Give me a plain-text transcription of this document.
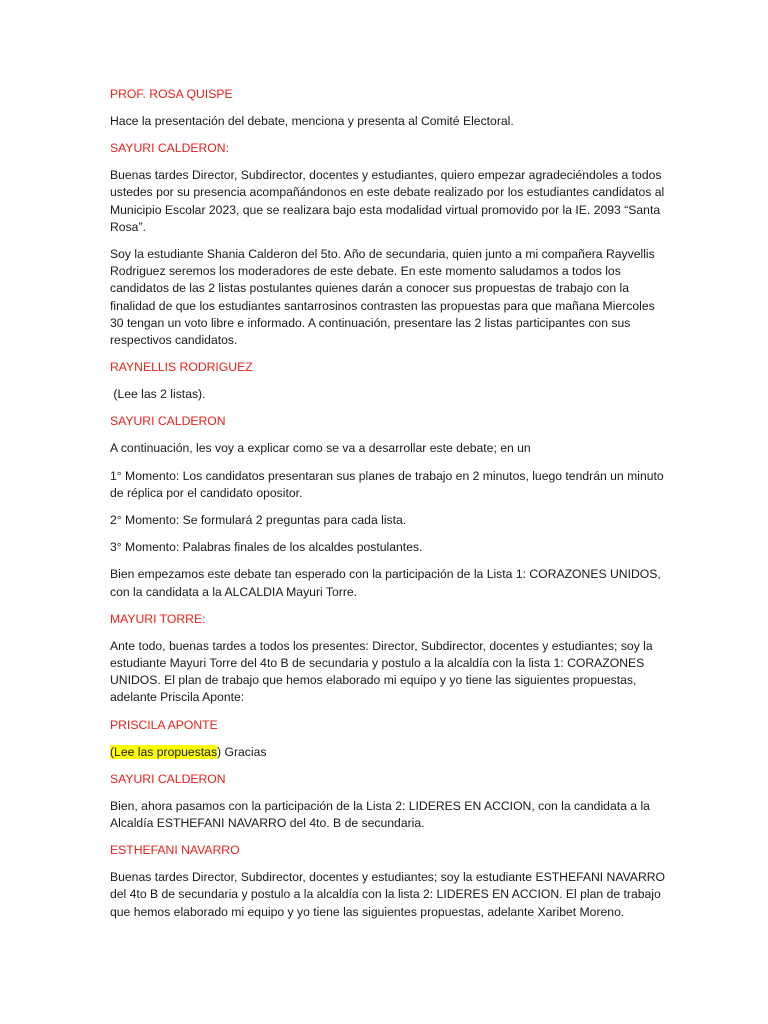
PROF. ROSA QUISPE

Hace la presentación del debate, menciona y presenta al Comité Electoral.

SAYURI CALDERON:

Buenas tardes Director, Subdirector, docentes y estudiantes, quiero empezar agradeciéndoles a todos ustedes por su presencia acompañándonos en este debate realizado por los estudiantes candidatos al Municipio Escolar 2023, que se realizara bajo esta modalidad virtual promovido por la IE. 2093 “Santa Rosa”.

Soy la estudiante Shania Calderon del 5to. Año de secundaria, quien junto a mi compañera Rayvellis Rodriguez seremos los moderadores de este debate. En este momento saludamos a todos los candidatos de las 2 listas postulantes quienes darán a conocer sus propuestas de trabajo con la finalidad de que los estudiantes santarrosinos contrasten las propuestas para que mañana Miercoles 30 tengan un voto libre e informado. A continuación, presentare las 2 listas participantes con sus respectivos candidatos.

RAYNELLIS RODRIGUEZ

(Lee las 2 listas).

SAYURI CALDERON

A continuación, les voy a explicar como se va a desarrollar este debate; en un

1° Momento: Los candidatos presentaran sus planes de trabajo en 2 minutos, luego tendrán un minuto de réplica por el candidato opositor.

2° Momento: Se formulará 2 preguntas para cada lista.

3° Momento: Palabras finales de los alcaldes postulantes.

Bien empezamos este debate tan esperado con la participación de la Lista 1: CORAZONES UNIDOS, con la candidata a la ALCALDIA Mayuri Torre.

MAYURI TORRE:

Ante todo, buenas tardes a todos los presentes: Director, Subdirector, docentes y estudiantes; soy la estudiante Mayuri Torre del 4to B de secundaria y postulo a la alcaldía con la lista 1: CORAZONES UNIDOS. El plan de trabajo que hemos elaborado mi equipo y yo tiene las siguientes propuestas, adelante Priscila Aponte:

PRISCILA APONTE

(Lee las propuestas) Gracias

SAYURI CALDERON

Bien, ahora pasamos con la participación de la Lista 2: LIDERES EN ACCION, con la candidata a la Alcaldía ESTHEFANI NAVARRO del 4to. B de secundaria.

ESTHEFANI NAVARRO

Buenas tardes Director, Subdirector, docentes y estudiantes; soy la estudiante ESTHEFANI NAVARRO del 4to B de secundaria y postulo a la alcaldía con la lista 2: LIDERES EN ACCION. El plan de trabajo que hemos elaborado mi equipo y yo tiene las siguientes propuestas, adelante Xaribet Moreno.
